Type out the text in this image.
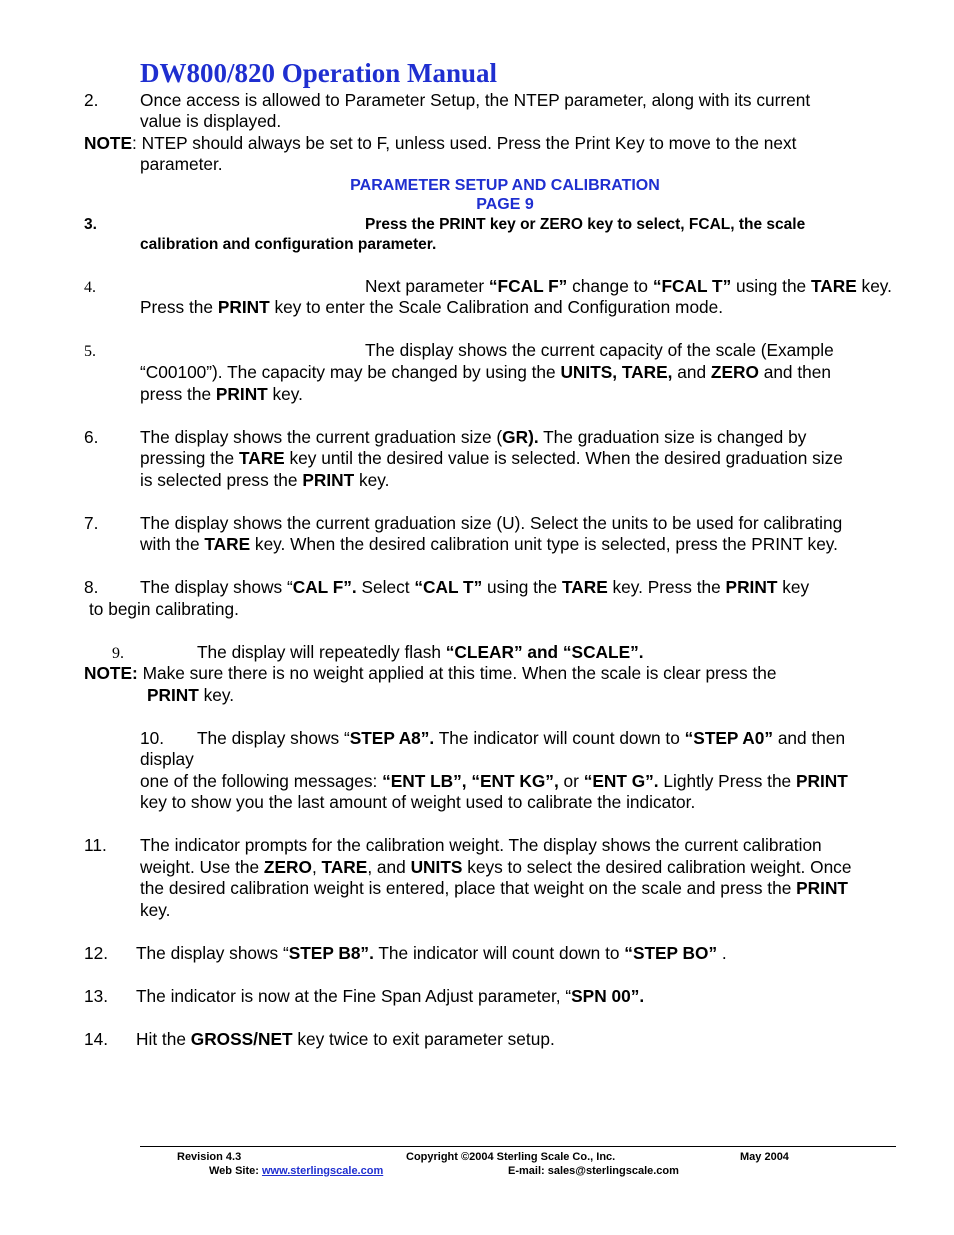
DW800/820 Operation Manual
2. Once access is allowed to Parameter Setup, the NTEP parameter, along with its current
value is displayed.
NOTE: NTEP should always be set to F, unless used. Press the Print Key to move to the next
parameter.
PARAMETER SETUP AND CALIBRATION
PAGE 9
3.	Press the PRINT key or ZERO key to select, FCAL, the scale
calibration and configuration parameter.
4.	Next parameter “FCAL F” change to “FCAL T” using the TARE key.
Press the PRINT key to enter the Scale Calibration and Configuration mode.
5.	The display shows the current capacity of the scale (Example
“C00100”). The capacity may be changed by using the UNITS, TARE, and ZERO and then
press the PRINT key.
6. The display shows the current graduation size (GR). The graduation size is changed by
pressing the TARE key until the desired value is selected. When the desired graduation size
is selected press the PRINT key.
7. The display shows the current graduation size (U). Select the units to be used for calibrating
with the TARE key. When the desired calibration unit type is selected, press the PRINT key.
8. The display shows “CAL F”. Select “CAL T” using the TARE key. Press the PRINT key
to begin calibrating.
9.	The display will repeatedly flash “CLEAR” and “SCALE”.
NOTE: Make sure there is no weight applied at this time. When the scale is clear press the
PRINT key.
10. The display shows “STEP A8”. The indicator will count down to “STEP A0” and then
display
one of the following messages: “ENT LB”, “ENT KG”, or “ENT G”. Lightly Press the PRINT
key to show you the last amount of weight used to calibrate the indicator.
11. The indicator prompts for the calibration weight. The display shows the current calibration
weight. Use the ZERO, TARE, and UNITS keys to select the desired calibration weight. Once
the desired calibration weight is entered, place that weight on the scale and press the PRINT
key.
12. The display shows “STEP B8”. The indicator will count down to “STEP BO” .
13. The indicator is now at the Fine Span Adjust parameter, “SPN 00”.
14. Hit the GROSS/NET key twice to exit parameter setup.
Revision 4.3	Copyright ©2004 Sterling Scale Co., Inc.	May 2004
Web Site: www.sterlingscale.com	E-mail: sales@sterlingscale.com
